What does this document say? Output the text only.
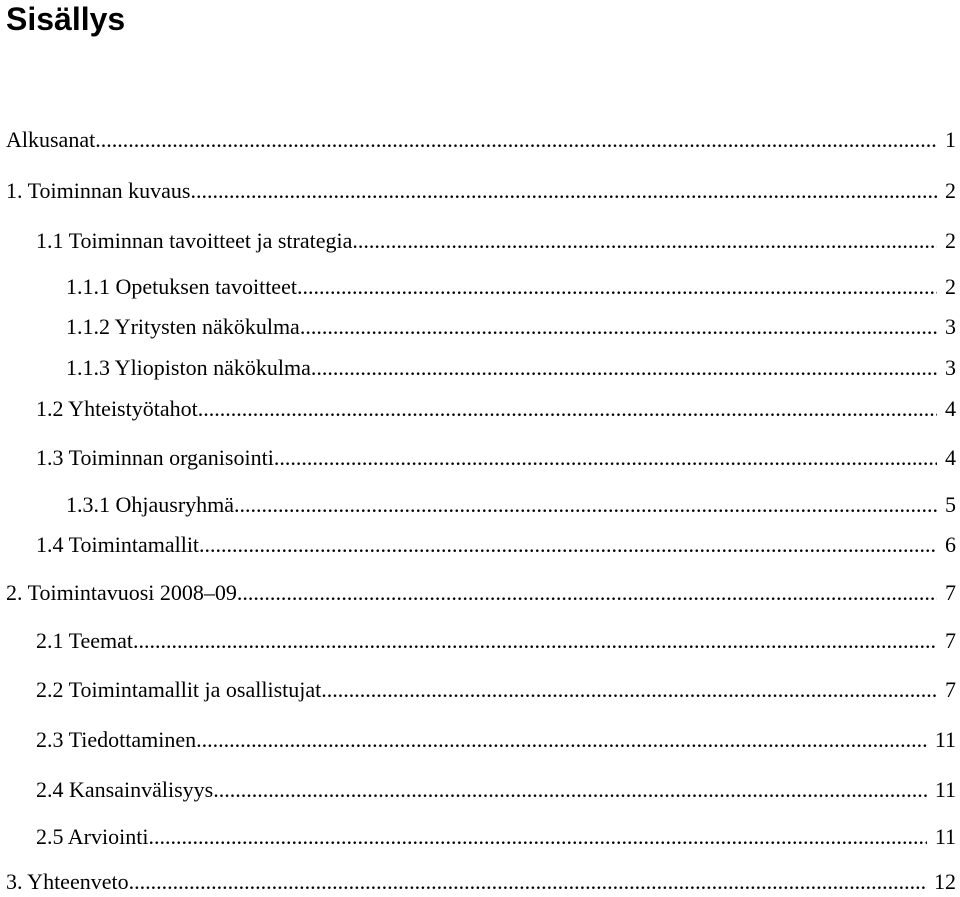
Sisällys
Alkusanat .....	1
1. Toiminnan kuvaus .....	2
1.1 Toiminnan tavoitteet ja strategia .....	2
1.1.1 Opetuksen tavoitteet .....	2
1.1.2 Yritysten näkökulma .....	3
1.1.3 Yliopiston näkökulma .....	3
1.2 Yhteistyötahot .....	4
1.3 Toiminnan organisointi .....	4
1.3.1 Ohjausryhmä .....	5
1.4 Toimintamallit .....	6
2. Toimintavuosi 2008–09 .....	7
2.1 Teemat .....	7
2.2 Toimintamallit ja osallistujat .....	7
2.3 Tiedottaminen .....	11
2.4 Kansainvälisyys .....	11
2.5 Arviointi .....	11
3. Yhteenveto .....	12
